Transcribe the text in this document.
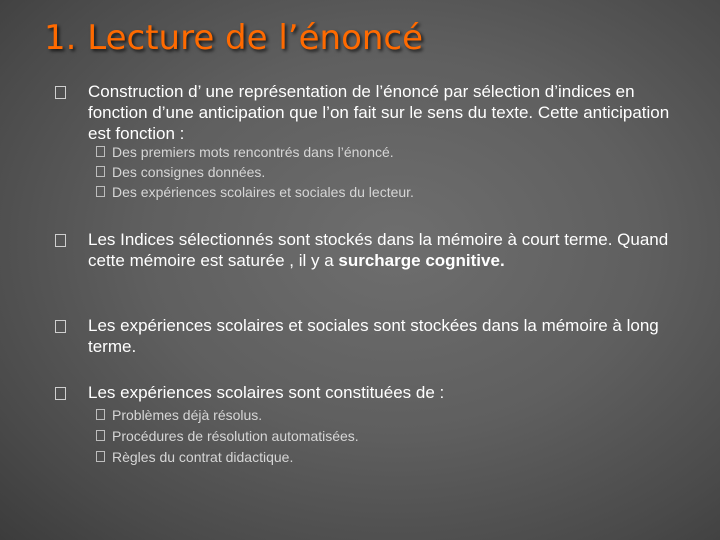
1. Lecture de l’énoncé
Construction d’ une représentation de l’énoncé par sélection d’indices en fonction d’une anticipation que l’on fait sur le sens du texte. Cette anticipation est fonction :
Des premiers mots rencontrés dans l’énoncé.
Des consignes données.
Des expériences scolaires et sociales du lecteur.
Les Indices sélectionnés sont stockés dans la mémoire à court terme. Quand cette mémoire est saturée , il y a surcharge cognitive.
Les expériences scolaires et sociales sont stockées dans la mémoire à long terme.
Les expériences scolaires sont constituées de :
Problèmes déjà résolus.
Procédures de résolution automatisées.
Règles du contrat didactique.
